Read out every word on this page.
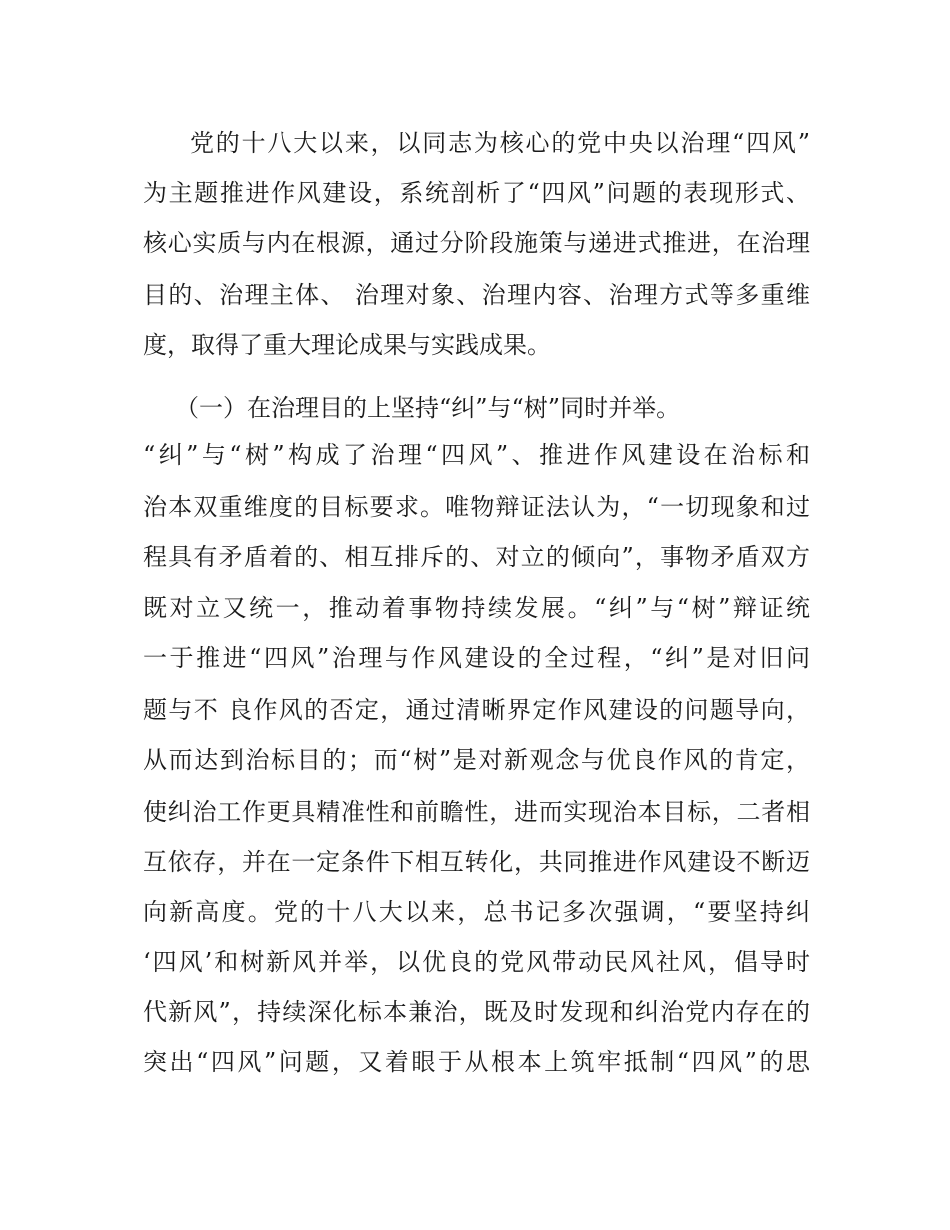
党的十八大以来，以同志为核心的党中央以治理“四风”
为主题推进作风建设，系统剖析了“四风”问题的表现形式、
核心实质与内在根源，通过分阶段施策与递进式推进，在治理
目的、治理主体、 治理对象、治理内容、治理方式等多重维
度，取得了重大理论成果与实践成果。
（一）在治理目的上坚持“纠”与“树”同时并举。
“纠”与“树”构成了治理“四风”、推进作风建设在治标和
治本双重维度的目标要求。唯物辩证法认为，“一切现象和过
程具有矛盾着的、相互排斥的、对立的倾向”，事物矛盾双方
既对立又统一，推动着事物持续发展。“纠”与“树”辩证统
一于推进“四风”治理与作风建设的全过程，“纠”是对旧问
题与不 良作风的否定，通过清晰界定作风建设的问题导向，
从而达到治标目的；而“树”是对新观念与优良作风的肯定，
使纠治工作更具精准性和前瞻性，进而实现治本目标，二者相
互依存，并在一定条件下相互转化，共同推进作风建设不断迈
向新高度。党的十八大以来，总书记多次强调，“要坚持纠
‘四风’和树新风并举，以优良的党风带动民风社风，倡导时
代新风”，持续深化标本兼治，既及时发现和纠治党内存在的
突出“四风”问题，又着眼于从根本上筑牢抵制“四风”的思
